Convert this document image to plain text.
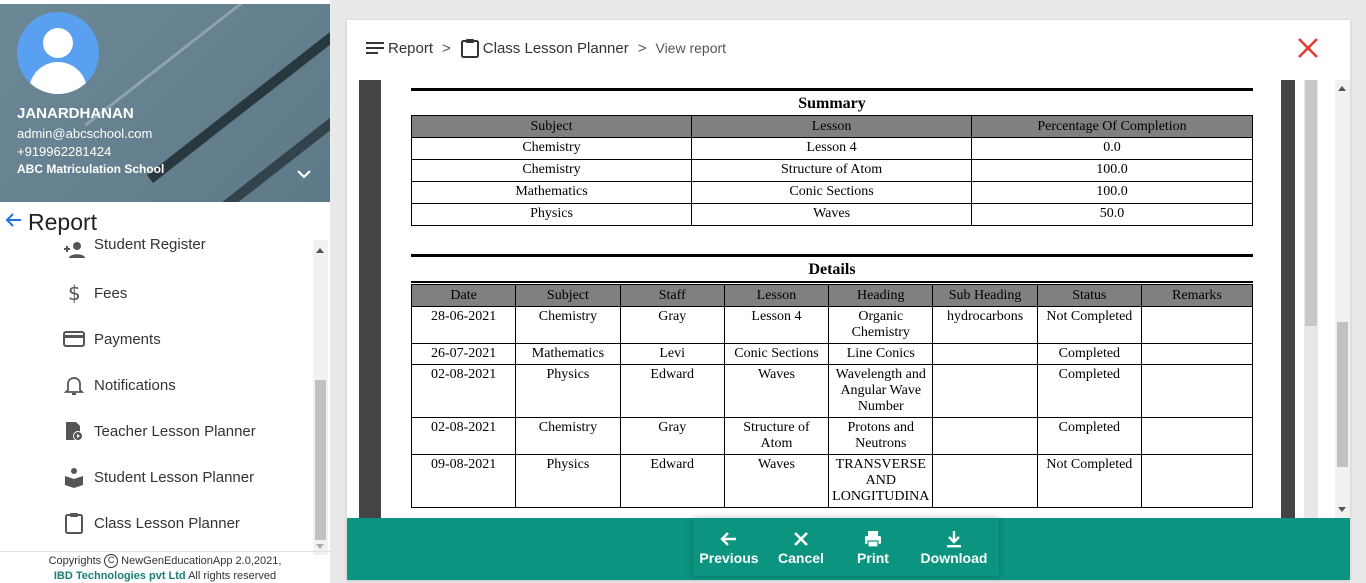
JANARDHANAN
admin@abcschool.com
+919962281424
ABC Matriculation School
Report
Student Register
$ Fees
Payments
Notifications
Teacher Lesson Planner
Student Lesson Planner
Class Lesson Planner
Copyrights C NewGenEducationApp 2.0,2021,
IBD Technologies pvt Ltd All rights reserved
Report > Class Lesson Planner > View report
Summary
Subject	Lesson	Percentage Of Completion
Chemistry	Lesson 4	0.0
Chemistry	Structure of Atom	100.0
Mathematics	Conic Sections	100.0
Physics	Waves	50.0
Details
Date	Subject	Staff	Lesson	Heading	Sub Heading	Status	Remarks
28-06-2021	Chemistry	Gray	Lesson 4	Organic Chemistry	hydrocarbons	Not Completed	
26-07-2021	Mathematics	Levi	Conic Sections	Line Conics		Completed	
02-08-2021	Physics	Edward	Waves	Wavelength and Angular Wave Number		Completed	
02-08-2021	Chemistry	Gray	Structure of Atom	Protons and Neutrons		Completed	
09-08-2021	Physics	Edward	Waves	TRANSVERSE AND LONGITUDINA		Not Completed	
Previous Cancel Print Download
